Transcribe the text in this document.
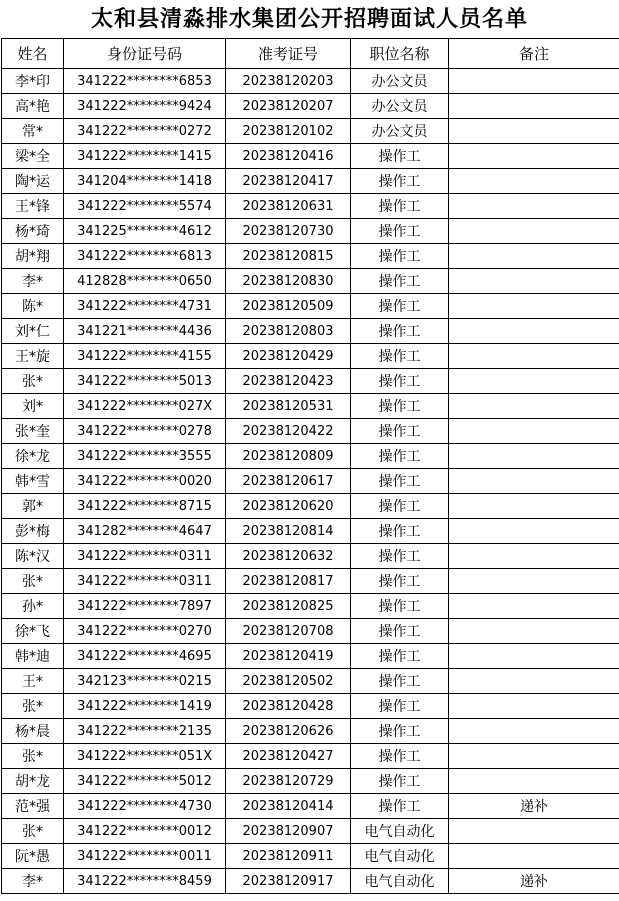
太和县清淼排水集团公开招聘面试人员名单
姓名	身份证号码	准考证号	职位名称	备注
李*印	341222********6853	20238120203	办公文员	
高*艳	341222********9424	20238120207	办公文员	
常*	341222********0272	20238120102	办公文员	
梁*全	341222********1415	20238120416	操作工	
陶*运	341204********1418	20238120417	操作工	
王*锋	341222********5574	20238120631	操作工	
杨*琦	341225********4612	20238120730	操作工	
胡*翔	341222********6813	20238120815	操作工	
李*	412828********0650	20238120830	操作工	
陈*	341222********4731	20238120509	操作工	
刘*仁	341221********4436	20238120803	操作工	
王*旋	341222********4155	20238120429	操作工	
张*	341222********5013	20238120423	操作工	
刘*	341222********027X	20238120531	操作工	
张*奎	341222********0278	20238120422	操作工	
徐*龙	341222********3555	20238120809	操作工	
韩*雪	341222********0020	20238120617	操作工	
郭*	341222********8715	20238120620	操作工	
彭*梅	341282********4647	20238120814	操作工	
陈*汉	341222********0311	20238120632	操作工	
张*	341222********0311	20238120817	操作工	
孙*	341222********7897	20238120825	操作工	
徐*飞	341222********0270	20238120708	操作工	
韩*迪	341222********4695	20238120419	操作工	
王*	342123********0215	20238120502	操作工	
张*	341222********1419	20238120428	操作工	
杨*晨	341222********2135	20238120626	操作工	
张*	341222********051X	20238120427	操作工	
胡*龙	341222********5012	20238120729	操作工	
范*强	341222********4730	20238120414	操作工	递补
张*	341222********0012	20238120907	电气自动化	
阮*愚	341222********0011	20238120911	电气自动化	
李*	341222********8459	20238120917	电气自动化	递补
